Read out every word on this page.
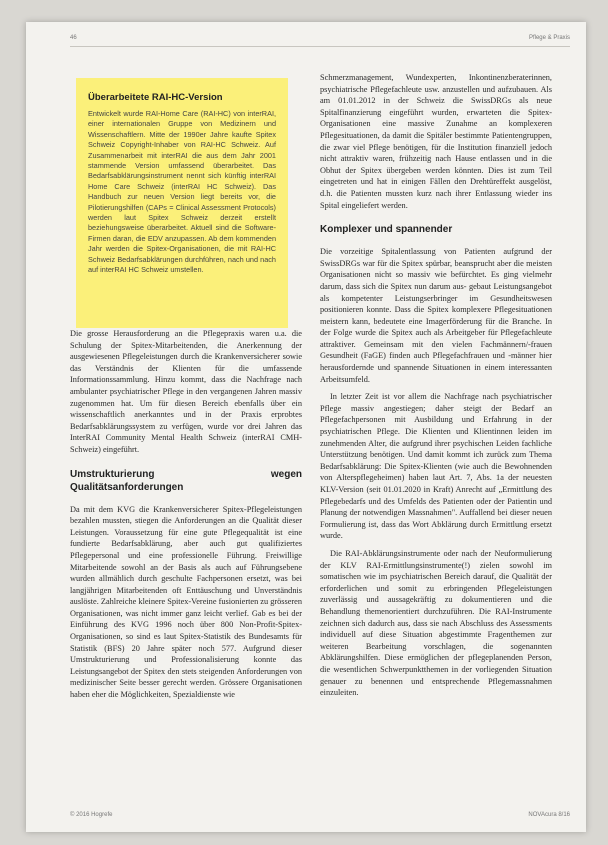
46	Pflege & Praxis
Überarbeitete RAI-HC-Version

Entwickelt wurde RAI-Home Care (RAI-HC) von interRAI, einer internationalen Gruppe von Medizinern und Wissenschaftlern. Mitte der 1990er Jahre kaufte Spitex Schweiz Copyright-Inhaber von RAI-HC Schweiz. Auf Zusammenarbeit mit interRAI die aus dem Jahr 2001 stammende Version umfassend überarbeitet. Das Bedarfsabklärungsinstrument nennt sich künftig interRAI Home Care Schweiz (interRAI HC Schweiz). Das Handbuch zur neuen Version liegt bereits vor, die Pilotierungshilfen (CAPs = Clinical Assessment Protocols) werden laut Spitex Schweiz derzeit erstellt beziehungsweise überarbeitet. Aktuell sind die Software-Firmen daran, die EDV anzupassen. Ab dem kommenden Jahr werden die Spitex-Organisationen, die mit RAI-HC Schweiz Bedarfsabklärungen durchführen, nach und nach auf interRAI HC Schweiz umstellen.

Die grosse Herausforderung an die Pflegepraxis waren u.a. die Schulung der Spitex-Mitarbeitenden, die Anerkennung der ausgewiesenen Pflegeleistungen durch die Krankenversicherer sowie das Verständnis der Klienten für die umfassende Informationssammlung. Hinzu kommt, dass die Nachfrage nach ambulanter psychiatrischer Pflege in den vergangenen Jahren massiv zugenommen hat. Um für diesen Bereich ebenfalls über ein wissenschaftlich anerkanntes und in der Praxis erprobtes Bedarfsabklärungssystem zu verfügen, wurde vor drei Jahren das InterRAI Community Mental Health Schweiz (interRAI CMH-Schweiz) eingeführt.

Umstrukturierung wegen Qualitätsanforderungen

Da mit dem KVG die Krankenversicherer Spitex-Pflegeleistungen bezahlen mussten, stiegen die Anforderungen an die Qualität dieser Leistungen. Voraussetzung für eine gute Pflegequalität ist eine fundierte Bedarfsabklärung, aber auch gut qualifiziertes Pflegepersonal und eine professionelle Führung. Freiwillige Mitarbeitende sowohl an der Basis als auch auf Führungsebene wurden allmählich durch geschulte Fachpersonen ersetzt, was bei langjährigen Mitarbeitenden oft Enttäuschung und Unverständnis auslöste. Zahlreiche kleinere Spitex-Vereine fusionierten zu grösseren Organisationen, was nicht immer ganz leicht verlief. Gab es bei der Einführung des KVG 1996 noch über 800 Non-Profit-Spitex-Organisationen, so sind es laut Spitex-Statistik des Bundesamts für Statistik (BFS) 20 Jahre später noch 577. Aufgrund dieser Umstrukturierung und Professionalisierung konnte das Leistungsangebot der Spitex den stets steigenden Anforderungen von medizinischer Seite besser gerecht werden. Grössere Organisationen haben eher die Möglichkeiten, Spezialdienste wie

Schmerzmanagement, Wundexperten, Inkontinenzberaterinnen, psychiatrische Pflegefachleute usw. anzustellen und aufzubauen. Als am 01.01.2012 in der Schweiz die SwissDRGs als neue Spitalfinanzierung eingeführt wurden, erwarteten die Spitex-Organisationen eine massive Zunahme an komplexeren Pflegesituationen, da damit die Spitäler bestimmte Patientengruppen, die zwar viel Pflege benötigen, für die Institution finanziell jedoch nicht attraktiv waren, frühzeitig nach Hause entlassen und in die Obhut der Spitex übergeben werden könnten. Dies ist zum Teil eingetreten und hat in einigen Fällen den Drehtüreffekt ausgelöst, d.h. die Patienten mussten kurz nach ihrer Entlassung wieder ins Spital eingeliefert werden.

Komplexer und spannender

Die vorzeitige Spitalentlassung von Patienten aufgrund der SwissDRGs war für die Spitex spürbar, beansprucht aber die meisten Organisationen nicht so massiv wie befürchtet. Es ging vielmehr darum, dass sich die Spitex nun darum aus- gebaut Leistungsangebot als kompetenter Leistungserbringer im Gesundheitswesen positionieren konnte. Dass die Spitex komplexere Pflegesituationen meistern kann, bedeutete eine Imagerförderung für die Branche. In der Folge wurde die Spitex auch als Arbeitgeber für Pflegefachleute attraktiver. Gemeinsam mit den vielen Fachmännern/-frauen Gesundheit (FaGE) finden auch Pflegefachfrauen und -männer hier herausfordernde und spannende Situationen in einem interessanten Arbeitsumfeld.

In letzter Zeit ist vor allem die Nachfrage nach psychiatrischer Pflege massiv angestiegen; daher steigt der Bedarf an Pflegefachpersonen mit Ausbildung und Erfahrung in der psychiatrischen Pflege. Die Klienten und Klientinnen leiden im zunehmenden Alter, die aufgrund ihrer psychischen Leiden fachliche Unterstützung benötigen. Und damit kommt ich zurück zum Thema Bedarfsabklärung: Die Spitex-Klienten (wie auch die Bewohnenden von Alterspflegeheimen) haben laut Art. 7, Abs. 1a der neuesten KLV-Version (seit 01.01.2020 in Kraft) Anrecht auf „Ermittlung des Pflegebedarfs und des Umfelds des Patienten oder der Patientin und Planung der notwendigen Massnahmen". Auffallend bei dieser neuen Formulierung ist, dass das Wort Abklärung durch Ermittlung ersetzt wurde.

Die RAI-Abklärungsinstrumente oder nach der Neuformulierung der KLV RAI-Ermittlungsinstrumente(!) zielen sowohl im somatischen wie im psychiatrischen Bereich darauf, die Qualität der erforderlichen und somit zu erbringenden Pflegeleistungen zuverlässig und aussagekräftig zu dokumentieren und die Behandlung themenorientiert durchzuführen. Die RAI-Instrumente zeichnen sich dadurch aus, dass sie nach Abschluss des Assessments individuell auf diese Situation abgestimmte Fragenthemen zur weiteren Bearbeitung vorschlagen, die sogenannten Abklärungshilfen. Diese ermöglichen der pflegeplanenden Person, die wesentlichen Schwerpunktthemen in der vorliegenden Situation genauer zu benennen und entsprechende Pflegemassnahmen einzuleiten.

© 2016 Hogrefe	NOVAcura 8/16
